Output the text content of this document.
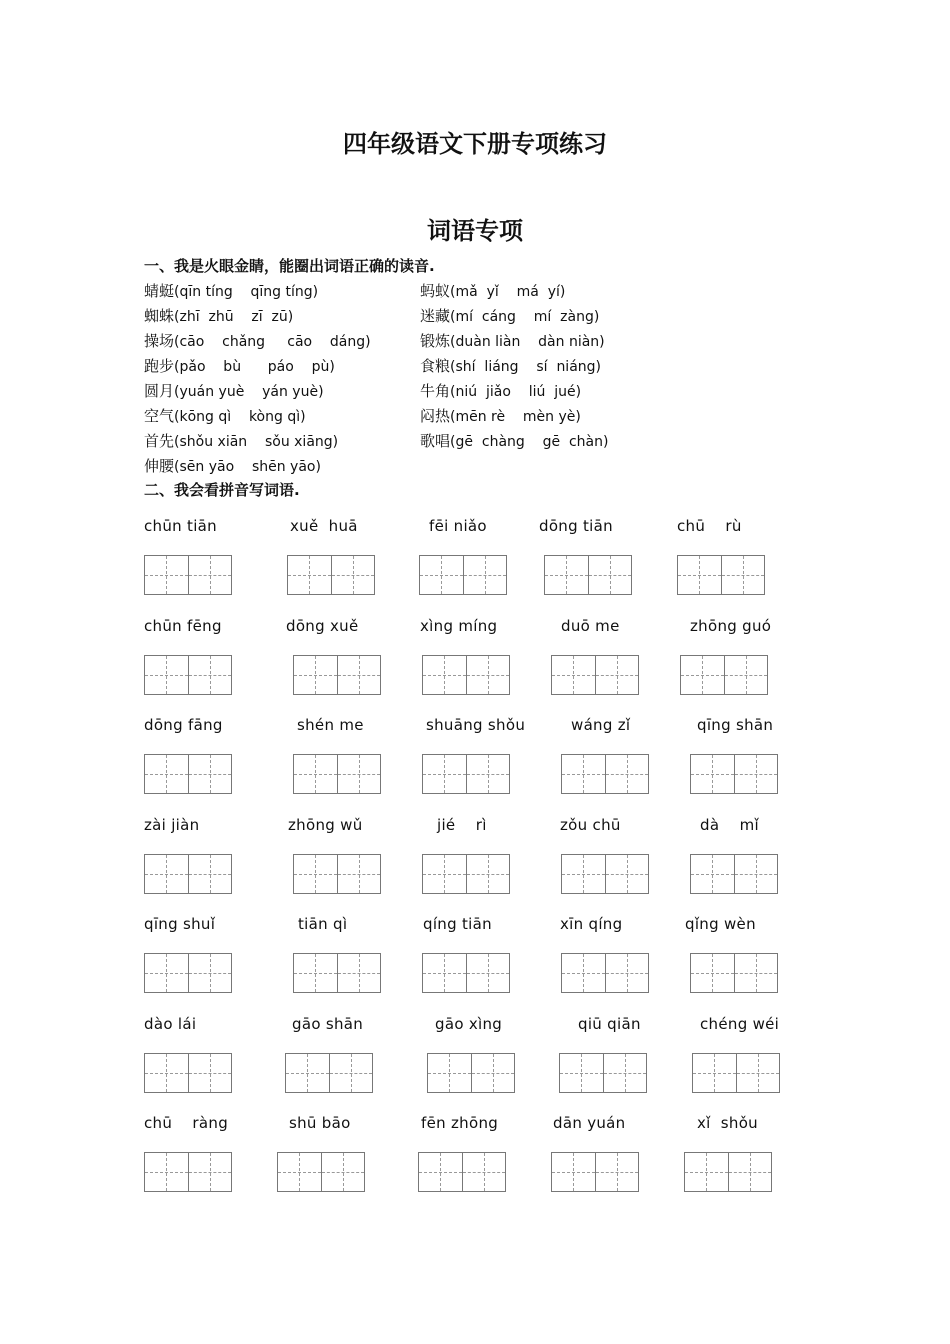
四年级语文下册专项练习
词语专项
一、我是火眼金睛，能圈出词语正确的读音.
蜻蜓(qīn tíng    qīng tíng)	蚂蚁(mǎ  yǐ    má  yí)
蜘蛛(zhī  zhū    zī  zū)	迷藏(mí  cáng    mí  zàng)
操场(cāo    chǎng     cāo    dáng)	锻炼(duàn liàn    dàn niàn)
跑步(pǎo    bù      páo    pù)	食粮(shí  liáng    sí  niáng)
圆月(yuán yuè    yán yuè)	牛角(niú  jiǎo    liú  jué)
空气(kōng qì    kòng qì)	闷热(mēn rè    mèn yè)
首先(shǒu xiān    sǒu xiāng)	歌唱(gē  chàng    gē  chàn)
伸腰(sēn yāo    shēn yāo)
二、我会看拼音写词语.
chūn tiān	xuě  huā	fēi niǎo	dōng tiān	chū    rù
chūn fēng	dōng xuě	xìng míng	duō me	zhōng guó
dōng fāng	shén me	shuāng shǒu	wáng zǐ	qīng shān
zài jiàn	zhōng wǔ	jié    rì	zǒu chū	dà    mǐ
qīng shuǐ	tiān qì	qíng tiān	xīn qíng	qǐng wèn
dào lái	gāo shān	gāo xìng	qiū qiān	chéng wéi
chū    ràng	shū bāo	fēn zhōng	dān yuán	xǐ  shǒu
